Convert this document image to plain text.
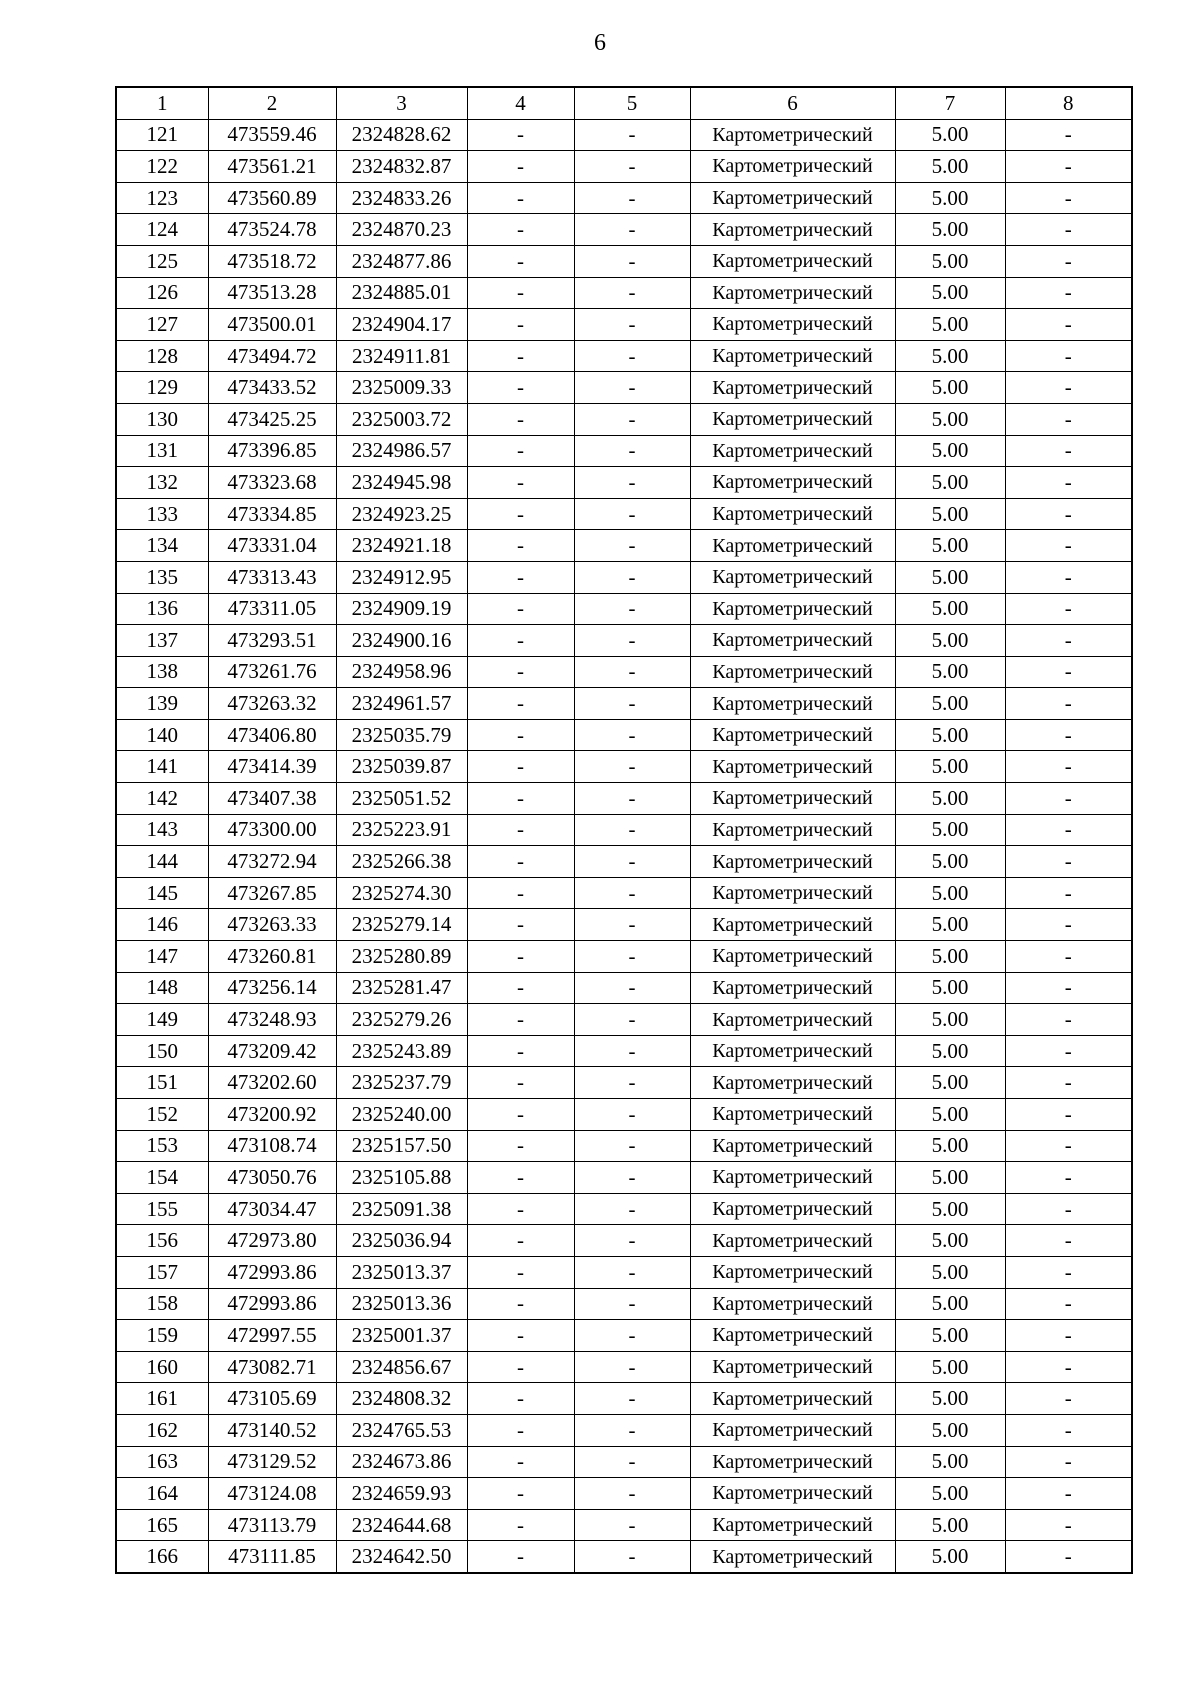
6
1	2	3	4	5	6	7	8
121	473559.46	2324828.62	-	-	Картометрический	5.00	-
122	473561.21	2324832.87	-	-	Картометрический	5.00	-
123	473560.89	2324833.26	-	-	Картометрический	5.00	-
124	473524.78	2324870.23	-	-	Картометрический	5.00	-
125	473518.72	2324877.86	-	-	Картометрический	5.00	-
126	473513.28	2324885.01	-	-	Картометрический	5.00	-
127	473500.01	2324904.17	-	-	Картометрический	5.00	-
128	473494.72	2324911.81	-	-	Картометрический	5.00	-
129	473433.52	2325009.33	-	-	Картометрический	5.00	-
130	473425.25	2325003.72	-	-	Картометрический	5.00	-
131	473396.85	2324986.57	-	-	Картометрический	5.00	-
132	473323.68	2324945.98	-	-	Картометрический	5.00	-
133	473334.85	2324923.25	-	-	Картометрический	5.00	-
134	473331.04	2324921.18	-	-	Картометрический	5.00	-
135	473313.43	2324912.95	-	-	Картометрический	5.00	-
136	473311.05	2324909.19	-	-	Картометрический	5.00	-
137	473293.51	2324900.16	-	-	Картометрический	5.00	-
138	473261.76	2324958.96	-	-	Картометрический	5.00	-
139	473263.32	2324961.57	-	-	Картометрический	5.00	-
140	473406.80	2325035.79	-	-	Картометрический	5.00	-
141	473414.39	2325039.87	-	-	Картометрический	5.00	-
142	473407.38	2325051.52	-	-	Картометрический	5.00	-
143	473300.00	2325223.91	-	-	Картометрический	5.00	-
144	473272.94	2325266.38	-	-	Картометрический	5.00	-
145	473267.85	2325274.30	-	-	Картометрический	5.00	-
146	473263.33	2325279.14	-	-	Картометрический	5.00	-
147	473260.81	2325280.89	-	-	Картометрический	5.00	-
148	473256.14	2325281.47	-	-	Картометрический	5.00	-
149	473248.93	2325279.26	-	-	Картометрический	5.00	-
150	473209.42	2325243.89	-	-	Картометрический	5.00	-
151	473202.60	2325237.79	-	-	Картометрический	5.00	-
152	473200.92	2325240.00	-	-	Картометрический	5.00	-
153	473108.74	2325157.50	-	-	Картометрический	5.00	-
154	473050.76	2325105.88	-	-	Картометрический	5.00	-
155	473034.47	2325091.38	-	-	Картометрический	5.00	-
156	472973.80	2325036.94	-	-	Картометрический	5.00	-
157	472993.86	2325013.37	-	-	Картометрический	5.00	-
158	472993.86	2325013.36	-	-	Картометрический	5.00	-
159	472997.55	2325001.37	-	-	Картометрический	5.00	-
160	473082.71	2324856.67	-	-	Картометрический	5.00	-
161	473105.69	2324808.32	-	-	Картометрический	5.00	-
162	473140.52	2324765.53	-	-	Картометрический	5.00	-
163	473129.52	2324673.86	-	-	Картометрический	5.00	-
164	473124.08	2324659.93	-	-	Картометрический	5.00	-
165	473113.79	2324644.68	-	-	Картометрический	5.00	-
166	473111.85	2324642.50	-	-	Картометрический	5.00	-
